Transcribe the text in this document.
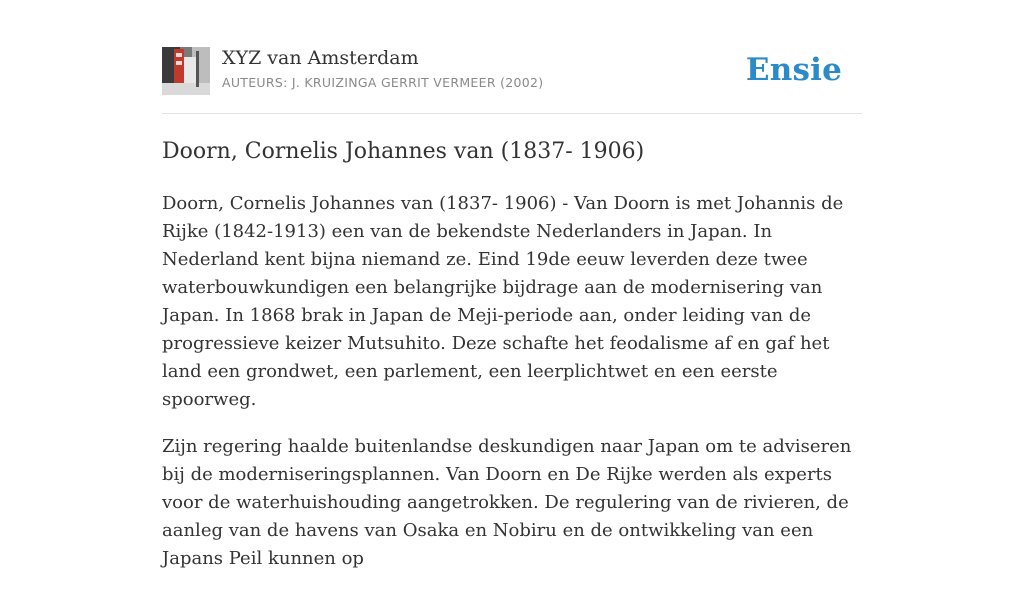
XYZ van Amsterdam
AUTEURS: J. KRUIZINGA GERRIT VERMEER (2002)	Ensie
Doorn, Cornelis Johannes van (1837- 1906)

Doorn, Cornelis Johannes van (1837- 1906) - Van Doorn is met Johannis de Rijke (1842-1913) een van de bekendste Nederlanders in Japan. In Nederland kent bijna niemand ze. Eind 19de eeuw leverden deze twee waterbouwkundigen een belangrijke bijdrage aan de modernisering van Japan. In 1868 brak in Japan de Meji-periode aan, onder leiding van de progressieve keizer Mutsuhito. Deze schafte het feodalisme af en gaf het land een grondwet, een parlement, een leerplichtwet en een eerste spoorweg.

Zijn regering haalde buitenlandse deskundigen naar Japan om te adviseren bij de moderniseringsplannen. Van Doorn en De Rijke werden als experts voor de waterhuishouding aangetrokken. De regulering van de rivieren, de aanleg van de havens van Osaka en Nobiru en de ontwikkeling van een Japans Peil kunnen op
